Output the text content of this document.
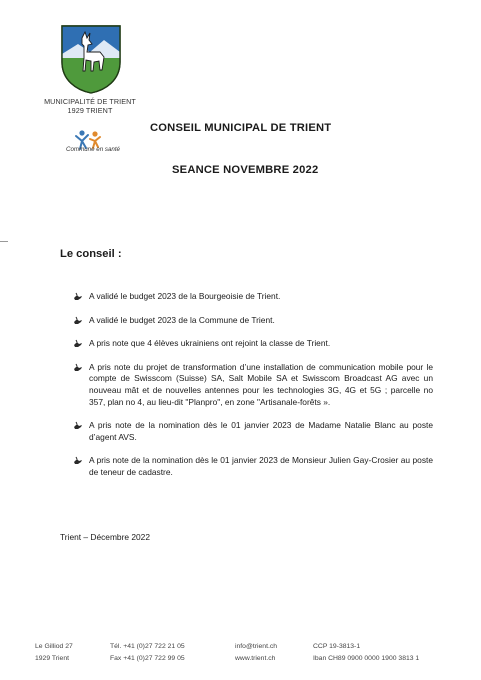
MUNICIPALITÉ DE TRIENT
1929 TRIENT
Commune en santé
CONSEIL MUNICIPAL DE TRIENT
SEANCE NOVEMBRE 2022
Le conseil :
A validé le budget 2023 de la Bourgeoisie de Trient.
A validé le budget 2023 de la Commune de Trient.
A pris note que 4 élèves ukrainiens ont rejoint la classe de Trient.
A pris note du projet de transformation d’une installation de communication mobile pour le compte de Swisscom (Suisse) SA, Salt Mobile SA et Swisscom Broadcast AG avec un nouveau mât et de nouvelles antennes pour les technologies 3G, 4G et 5G ; parcelle no 357, plan no 4, au lieu-dit "Planpro", en zone "Artisanale-forêts ».
A pris note de la nomination dès le 01 janvier 2023 de Madame Natalie Blanc au poste d’agent AVS.
A pris note de la nomination dès le 01 janvier 2023 de Monsieur Julien Gay-Crosier au poste de teneur de cadastre.
Trient – Décembre 2022
Le Gilliod 27
1929 Trient
Tél. +41 (0)27 722 21 05
Fax +41 (0)27 722 99 05
info@trient.ch
www.trient.ch
CCP 19-3813-1
Iban CH89 0900 0000 1900 3813 1
